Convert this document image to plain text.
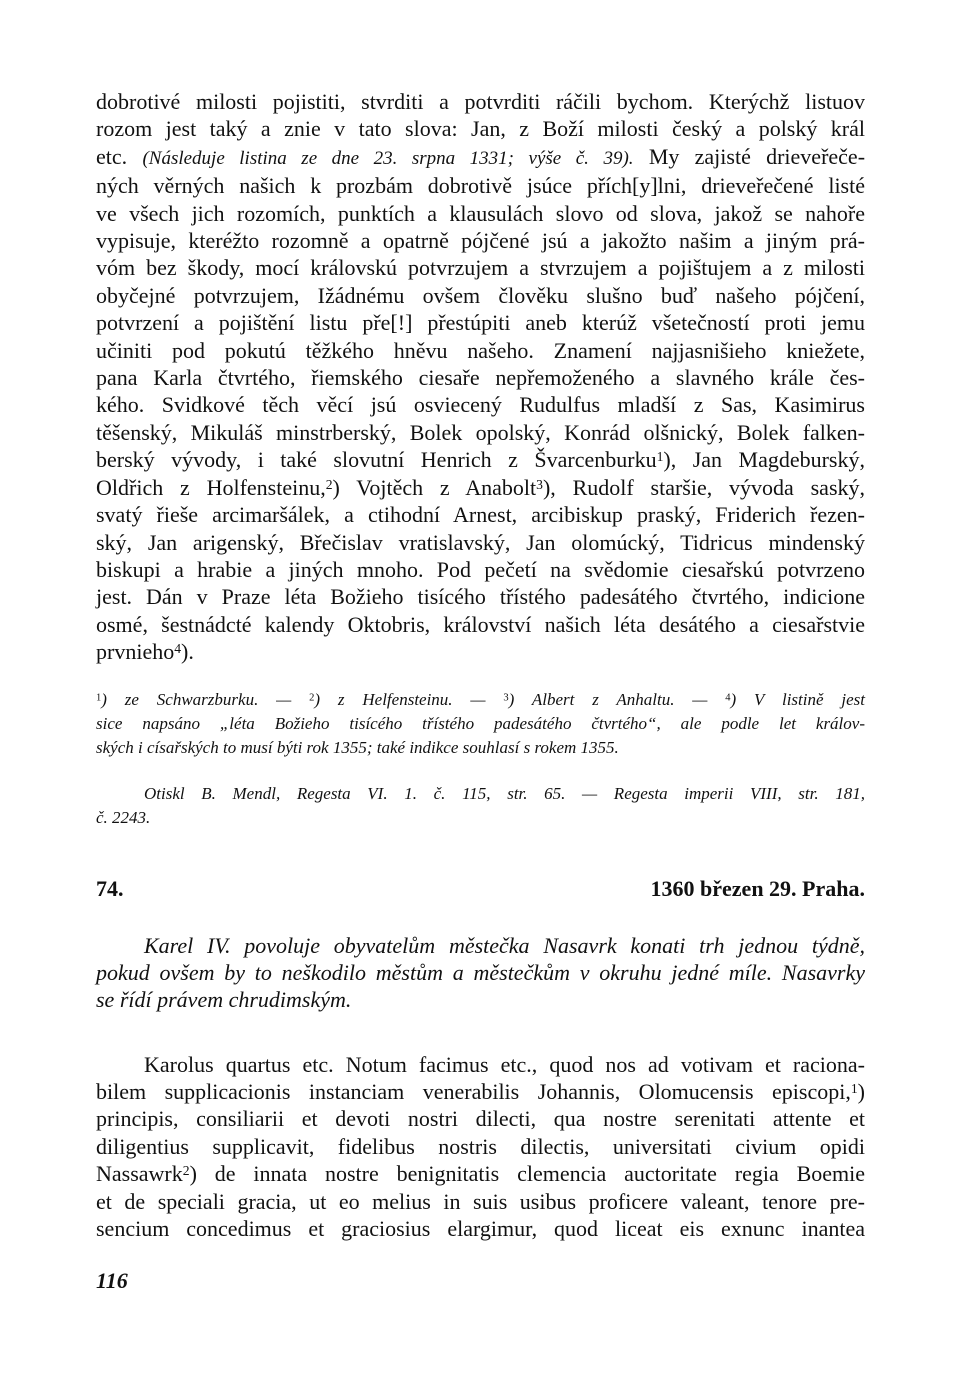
dobrotivé milosti pojistiti, stvrditi a potvrditi ráčili bychom. Kterýchž listuov
rozom jest taký a znie v tato slova: Jan, z Boží milosti český a polský král
etc. (Následuje listina ze dne 23. srpna 1331; výše č. 39). My zajisté drieveřeče-
ných věrných našich k prozbám dobrotivě jsúce přích[y]lni, drieveřečené listé
ve všech jich rozomích, punktích a klausulách slovo od slova, jakož se nahoře
vypisuje, kteréžto rozomně a opatrně pójčené jsú a jakožto našim a jiným prá-
vóm bez škody, mocí královskú potvrzujem a stvrzujem a pojištujem a z milosti
obyčejné potvrzujem, Ižádnému ovšem člověku slušno buď našeho pójčení,
potvrzení a pojištění listu pře[!] přestúpiti aneb kterúž všetečností proti jemu
učiniti pod pokutú těžkého hněvu našeho. Znamení najjasnišieho kniežete,
pana Karla čtvrtého, řiemského ciesaře nepřemoženého a slavného krále čes-
kého. Svidkové těch věcí jsú osviecený Rudulfus mladší z Sas, Kasimirus
těšenský, Mikuláš minstrberský, Bolek opolský, Konrád olšnický, Bolek falken-
berský vývody, i také slovutní Henrich z Švarcenburku$^1$), Jan Magdeburský,
Oldřich z Holfensteinu,$^2$) Vojtěch z Anabolt$^3$), Rudolf staršie, vývoda saský,
svatý řieše arcimaršálek, a ctihodní Arnest, arcibiskup praský, Friderich řezen-
ský, Jan arigenský, Břečislav vratislavský, Jan olomúcký, Tidricus mindenský
biskupi a hrabie a jiných mnoho. Pod pečetí na svědomie ciesařskú potvrzeno
jest. Dán v Praze léta Božieho tisícého třístého padesátého čtvrtého, indicione
osmé, šestnádcté kalendy Oktobris, království našich léta desátého a ciesařstvie
prvnieho$^4$).
$^1$) ze Schwarzburku. — $^2$) z Helfensteinu. — $^3$) Albert z Anhaltu. — $^4$) V listině jest
sice napsáno „léta Božieho tisícého třístého padesátého čtvrtého“, ale podle let králov-
ských i císařských to musí býti rok 1355; také indikce souhlasí s rokem 1355.
Otiskl B. Mendl, Regesta VI. 1. č. 115, str. 65. — Regesta imperii VIII, str. 181,
č. 2243.
74.	1360 březen 29. Praha.
Karel IV. povoluje obyvatelům městečka Nasavrk konati trh jednou týdně,
pokud ovšem by to neškodilo městům a městečkům v okruhu jedné míle. Nasavrky
se řídí právem chrudimským.
Karolus quartus etc. Notum facimus etc., quod nos ad votivam et raciona-
bilem supplicacionis instanciam venerabilis Johannis, Olomucensis episcopi,$^1$)
principis, consiliarii et devoti nostri dilecti, qua nostre serenitati attente et
diligentius supplicavit, fidelibus nostris dilectis, universitati civium opidi
Nassawrk$^2$) de innata nostre benignitatis clemencia auctoritate regia Boemie
et de speciali gracia, ut eo melius in suis usibus proficere valeant, tenore pre-
sencium concedimus et graciosius elargimur, quod liceat eis exnunc inantea
116
